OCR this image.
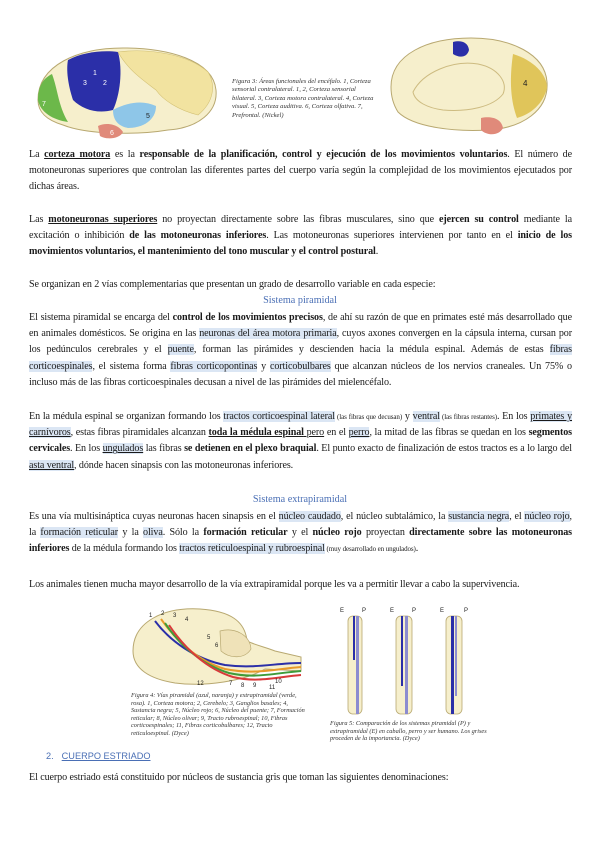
3
1
2
5
6
7
Figura 3: Áreas funcionales del encéfalo. 1, Corteza sensorial contralateral. 1, 2, Corteza sensorial bilateral. 3, Corteza motora contralateral. 4, Corteza visual. 5, Corteza auditiva. 6, Corteza olfativa. 7, Prefrontal. (Nickel)
4
La corteza motora es la responsable de la planificación, control y ejecución de los movimientos voluntarios. El número de motoneuronas superiores que controlan las diferentes partes del cuerpo varía según la complejidad de los movimientos ejecutados por dichas áreas.
Las motoneuronas superiores no proyectan directamente sobre las fibras musculares, sino que ejercen su control mediante la excitación o inhibición de las motoneuronas inferiores. Las motoneuronas superiores intervienen por tanto en el inicio de los movimientos voluntarios, el mantenimiento del tono muscular y el control postural.
Se organizan en 2 vías complementarias que presentan un grado de desarrollo variable en cada especie:
Sistema piramidal
El sistema piramidal se encarga del control de los movimientos precisos, de ahí su razón de que en primates esté más desarrollado que en animales domésticos. Se origina en las neuronas del área motora primaria, cuyos axones convergen en la cápsula interna, cursan por los pedúnculos cerebrales y el puente, forman las pirámides y descienden hacia la médula espinal. Además de estas fibras corticoespinales, el sistema forma fibras corticopontinas y corticobulbares que alcanzan núcleos de los nervios craneales. Un 75% o incluso más de las fibras corticoespinales decusan a nivel de las pirámides del mielencéfalo.
En la médula espinal se organizan formando los tractos corticoespinal lateral (las fibras que decusan) y ventral (las fibras restantes). En los primates y carnívoros, estas fibras piramidales alcanzan toda la médula espinal pero en el perro, la mitad de las fibras se quedan en los segmentos cervicales. En los ungulados las fibras se detienen en el plexo braquial. El punto exacto de finalización de estos tractos es a lo largo del asta ventral, dónde hacen sinapsis con las motoneuronas inferiores.
Sistema extrapiramidal
Es una vía multisináptica cuyas neuronas hacen sinapsis en el núcleo caudado, el núcleo subtalámico, la sustancia negra, el núcleo rojo, la formación reticular y la oliva. Sólo la formación reticular y el núcleo rojo proyectan directamente sobre las motoneuronas inferiores de la médula formando los tractos reticuloespinal y rubroespinal (muy desarrollado en ungulados).
Los animales tienen mucha mayor desarrollo de la vía extrapiramidal porque les va a permitir llevar a cabo la supervivencia.
1 2 3
4
5
6
7 8 9
10
11
12
Figura 4: Vías piramidal (azul, naranja) y extrapiramidal (verde, rosa). 1, Corteza motora; 2, Cerebelo; 3, Ganglios basales; 4, Sustancia negra; 5, Núcleo rojo; 6, Núcleo del puente; 7, Formación reticular; 8, Núcleo olivar; 9, Tracto rubroespinal; 10, Fibras corticoespinales; 11, Fibras corticobulbares; 12, Tracto reticuloespinal. (Dyce)
E	P	E	P	E	P
Figura 5: Comparación de los sistemas piramidal (P) y extrapiramidal (E) en caballo, perro y ser humano. Los grises proceden de la importancia. (Dyce)
2. CUERPO ESTRIADO
El cuerpo estriado está constituido por núcleos de sustancia gris que toman las siguientes denominaciones:
